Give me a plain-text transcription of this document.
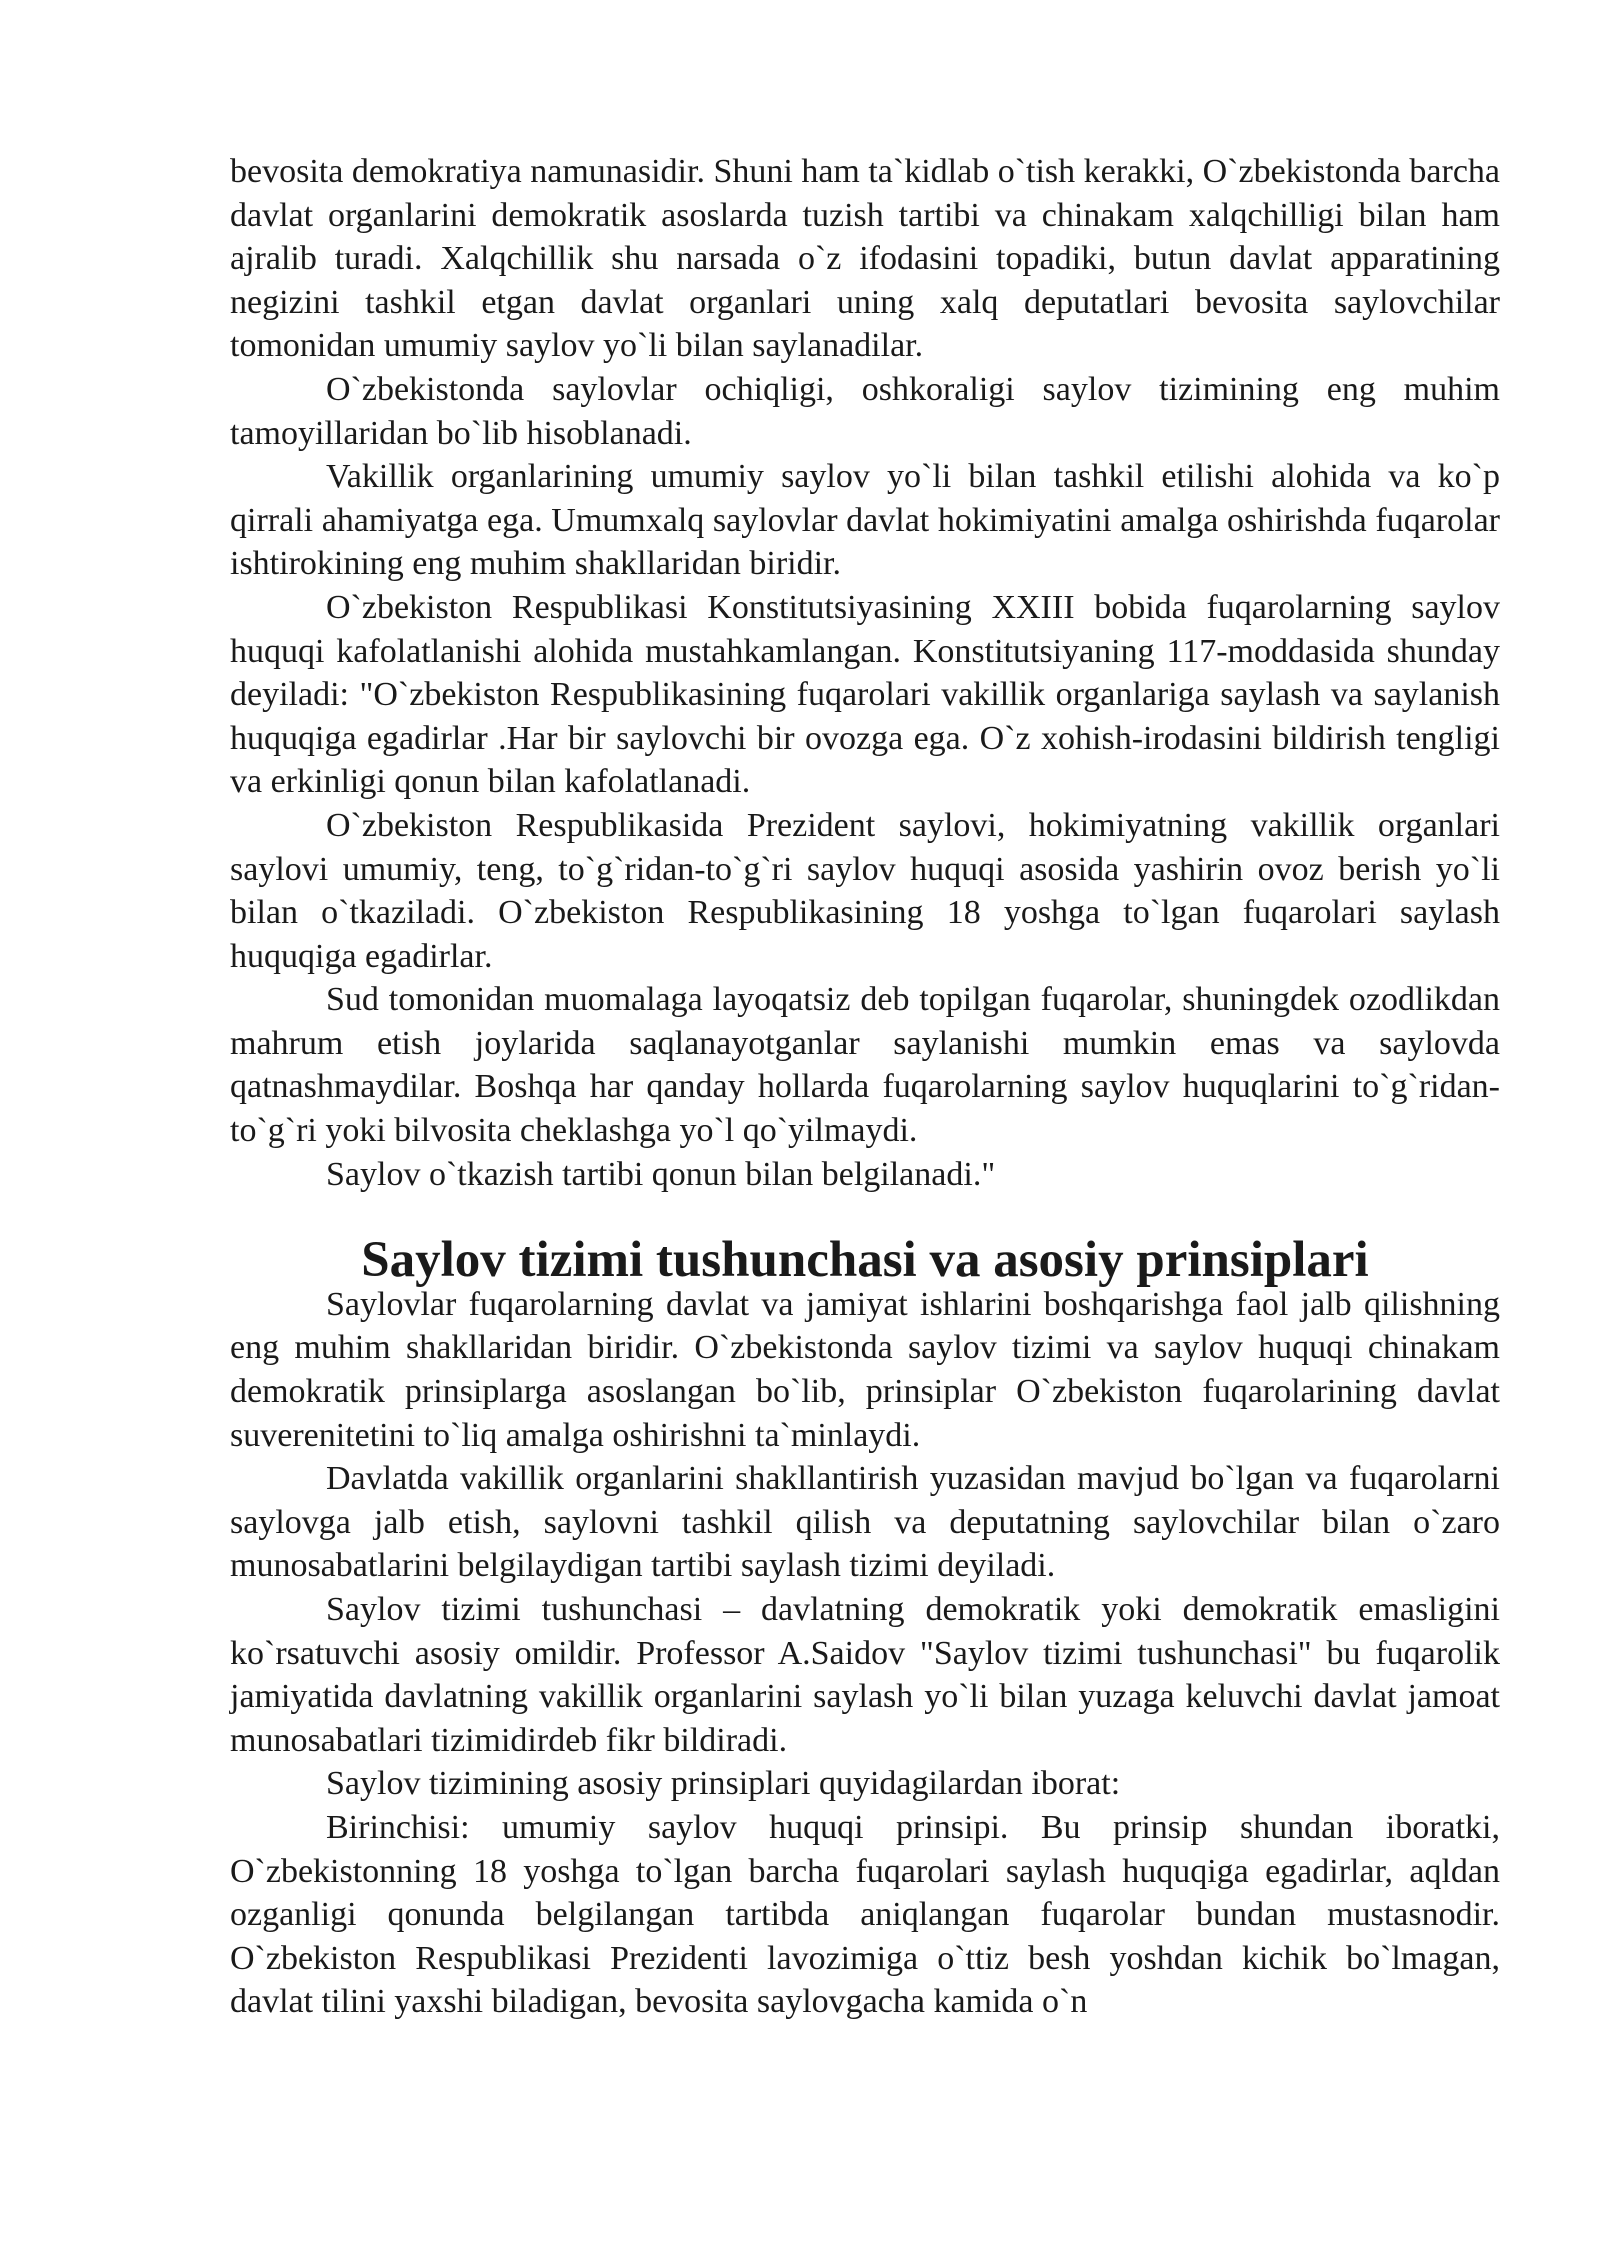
bevosita demokratiya namunasidir. Shuni ham ta`kidlab o`tish kerakki, O`zbekistonda barcha davlat organlarini demokratik asoslarda tuzish tartibi va chinakam xalqchilligi bilan ham ajralib turadi. Xalqchillik shu narsada o`z ifodasini topadiki, butun davlat apparatining negizini tashkil etgan davlat organlari uning xalq deputatlari bevosita saylovchilar tomonidan umumiy saylov yo`li bilan saylanadilar.

O`zbekistonda saylovlar ochiqligi, oshkoraligi saylov tizimining eng muhim tamoyillaridan bo`lib hisoblanadi.

Vakillik organlarining umumiy saylov yo`li bilan tashkil etilishi alohida va ko`p qirrali ahamiyatga ega. Umumxalq saylovlar davlat hokimiyatini amalga oshirishda fuqarolar ishtirokining eng muhim shakllaridan biridir.

O`zbekiston Respublikasi Konstitutsiyasining XXIII bobida fuqarolarning saylov huquqi kafolatlanishi alohida mustahkamlangan. Konstitutsiyaning 117-moddasida shunday deyiladi: "O`zbekiston Respublikasining fuqarolari vakillik organlariga saylash va saylanish huquqiga egadirlar .Har bir saylovchi bir ovozga ega. O`z xohish-irodasini bildirish tengligi va erkinligi qonun bilan kafolatlanadi.

O`zbekiston Respublikasida Prezident saylovi, hokimiyatning vakillik organlari saylovi umumiy, teng, to`g`ridan-to`g`ri saylov huquqi asosida yashirin ovoz berish yo`li bilan o`tkaziladi. O`zbekiston Respublikasining 18 yoshga to`lgan fuqarolari saylash huquqiga egadirlar.

Sud tomonidan muomalaga layoqatsiz deb topilgan fuqarolar, shuningdek ozodlikdan mahrum etish joylarida saqlanayotganlar saylanishi mumkin emas va saylovda qatnashmaydilar. Boshqa har qanday hollarda fuqarolarning saylov huquqlarini to`g`ridan-to`g`ri yoki bilvosita cheklashga yo`l qo`yilmaydi.

Saylov o`tkazish tartibi qonun bilan belgilanadi."

Saylov tizimi tushunchasi va asosiy prinsiplari

Saylovlar fuqarolarning davlat va jamiyat ishlarini boshqarishga faol jalb qilishning eng muhim shakllaridan biridir. O`zbekistonda saylov tizimi va saylov huquqi chinakam demokratik prinsiplarga asoslangan bo`lib, prinsiplar O`zbekiston fuqarolarining davlat suverenitetini to`liq amalga oshirishni ta`minlaydi.

Davlatda vakillik organlarini shakllantirish yuzasidan mavjud bo`lgan va fuqarolarni saylovga jalb etish, saylovni tashkil qilish va deputatning saylovchilar bilan o`zaro munosabatlarini belgilaydigan tartibi saylash tizimi deyiladi.

Saylov tizimi tushunchasi – davlatning demokratik yoki demokratik emasligini ko`rsatuvchi asosiy omildir. Professor A.Saidov "Saylov tizimi tushunchasi" bu fuqarolik jamiyatida davlatning vakillik organlarini saylash yo`li bilan yuzaga keluvchi davlat jamoat munosabatlari tizimidirdeb fikr bildiradi.

Saylov tizimining asosiy prinsiplari quyidagilardan iborat:

Birinchisi: umumiy saylov huquqi prinsipi. Bu prinsip shundan iboratki, O`zbekistonning 18 yoshga to`lgan barcha fuqarolari saylash huquqiga egadirlar, aqldan ozganligi qonunda belgilangan tartibda aniqlangan fuqarolar bundan mustasnodir. O`zbekiston Respublikasi Prezidenti lavozimiga o`ttiz besh yoshdan kichik bo`lmagan, davlat tilini yaxshi biladigan, bevosita saylovgacha kamida o`n
